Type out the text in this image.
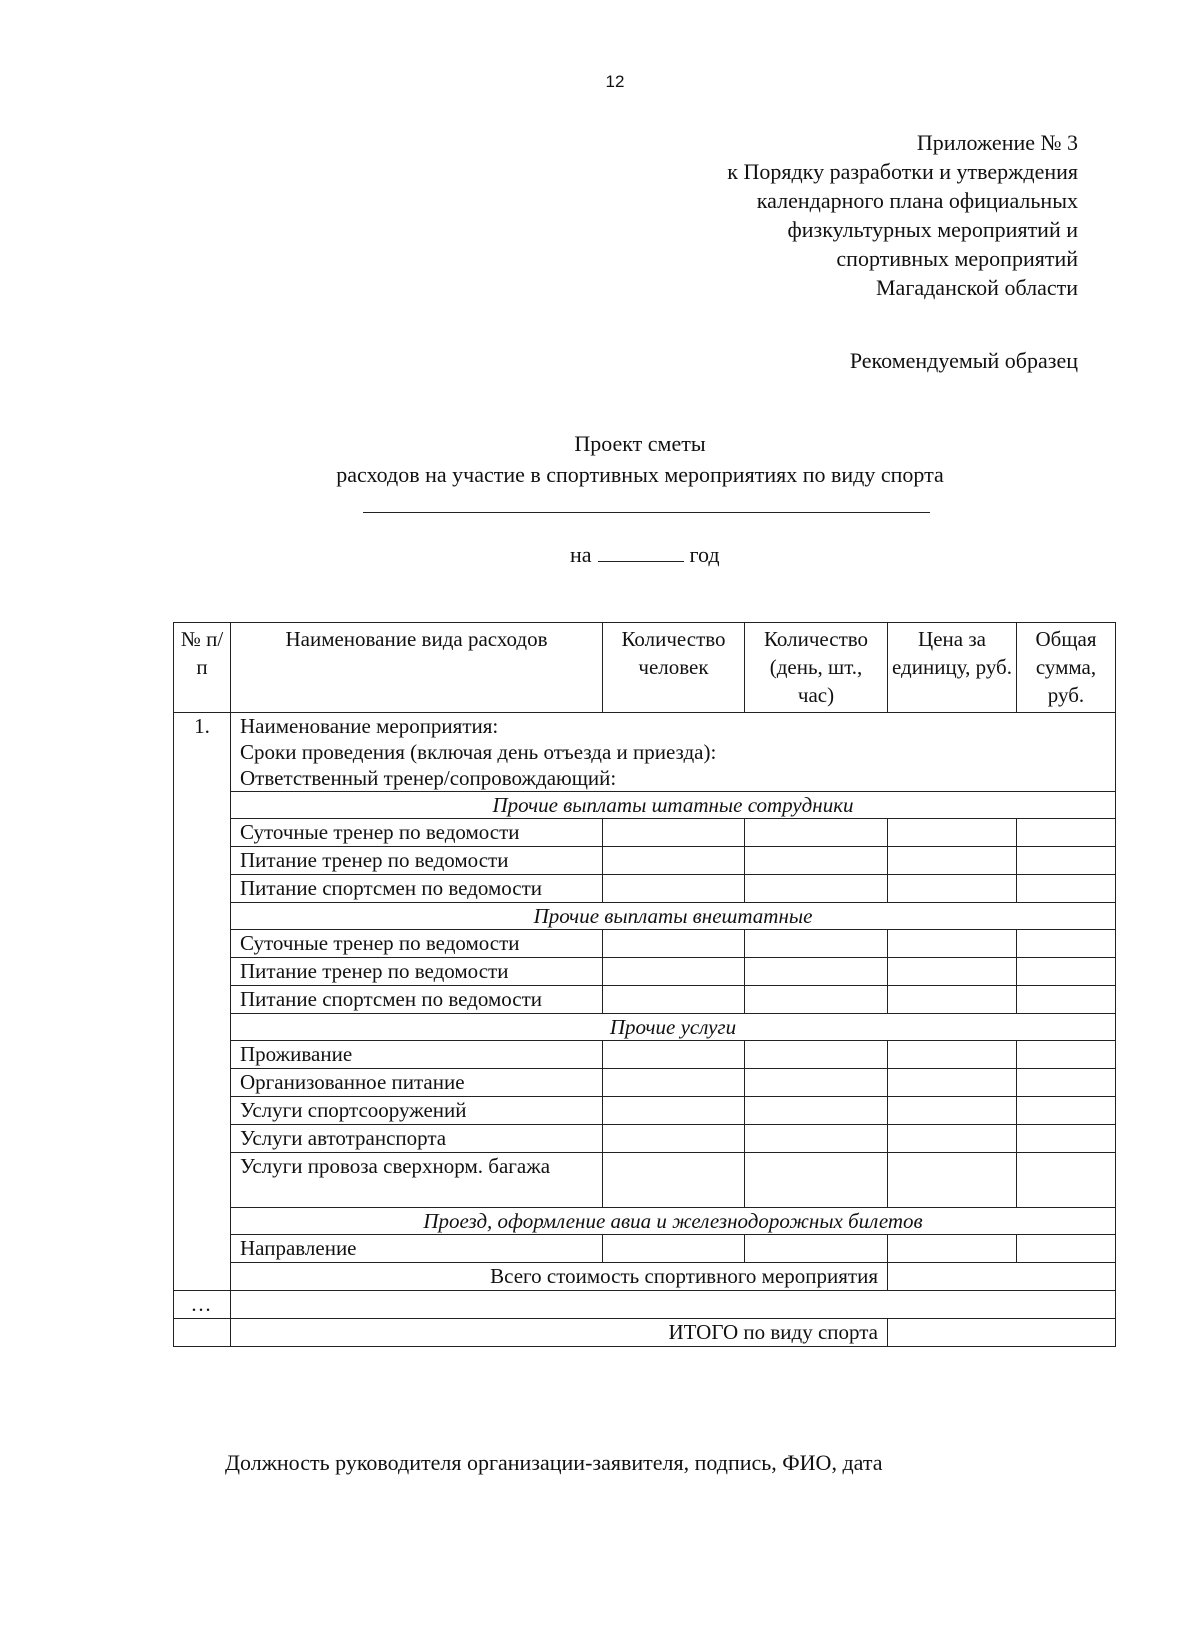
12
Приложение № 3
к Порядку разработки и утверждения
календарного плана официальных
физкультурных мероприятий и
спортивных мероприятий
Магаданской области
Рекомендуемый образец
Проект сметы
расходов на участие в спортивных мероприятиях по виду спорта
на	год
№ п/п	Наименование вида расходов	Количество человек	Количество (день, шт., час)	Цена за единицу, руб.	Общая сумма, руб.
1.	Наименование мероприятия:
Сроки проведения (включая день отъезда и приезда):
Ответственный тренер/сопровождающий:				

	Прочие выплаты штатные сотрудники				
	Суточные тренер по ведомости				
	Питание тренер по ведомости				
	Питание спортсмен по ведомости				
	Прочие выплаты внештатные				
	Суточные тренер по ведомости				
	Питание тренер по ведомости				
	Питание спортсмен по ведомости				
	Прочие услуги				
	Проживание				
	Организованное питание				
	Услуги спортсооружений				
	Услуги автотранспорта				
	Услуги провоза сверхнорм. багажа				
	Проезд, оформление авиа и железнодорожных билетов				
	Направление				
	Всего стоимость спортивного мероприятия				
…					
	ИТОГО по виду спорта				
Должность руководителя организации-заявителя, подпись, ФИО, дата
